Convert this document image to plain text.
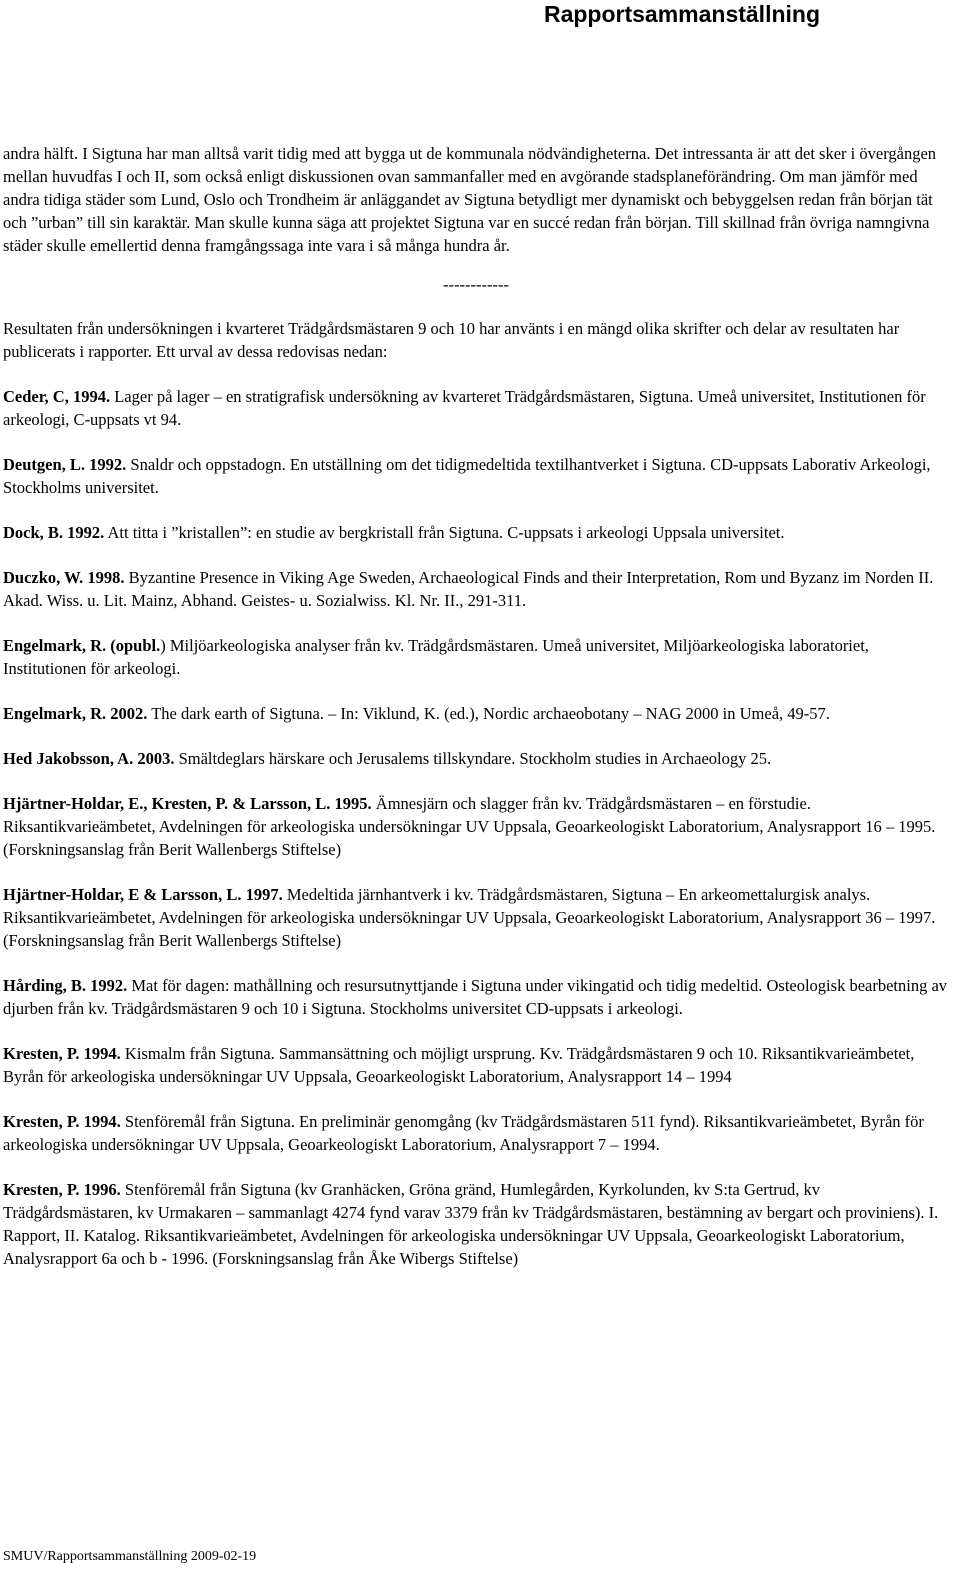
Rapportsammanställning

andra hälft. I Sigtuna har man alltså varit tidig med att bygga ut de kommunala nödvändigheterna. Det intressanta är att det sker i övergången mellan huvudfas I och II, som också enligt diskussionen ovan sammanfaller med en avgörande stadsplaneförändring. Om man jämför med andra tidiga städer som Lund, Oslo och Trondheim är anläggandet av Sigtuna betydligt mer dynamiskt och bebyggelsen redan från början tät och ”urban” till sin karaktär. Man skulle kunna säga att projektet Sigtuna var en succé redan från början. Till skillnad från övriga namngivna städer skulle emellertid denna framgångssaga inte vara i så många hundra år.

------------

Resultaten från undersökningen i kvarteret Trädgårdsmästaren 9 och 10 har använts i en mängd olika skrifter och delar av resultaten har publicerats i rapporter. Ett urval av dessa redovisas nedan:

Ceder, C, 1994. Lager på lager – en stratigrafisk undersökning av kvarteret Trädgårdsmästaren, Sigtuna. Umeå universitet, Institutionen för arkeologi, C-uppsats vt 94.

Deutgen, L. 1992. Snaldr och oppstadogn. En utställning om det tidigmedeltida textilhantverket i Sigtuna. CD-uppsats Laborativ Arkeologi, Stockholms universitet.

Dock, B. 1992. Att titta i ”kristallen”: en studie av bergkristall från Sigtuna. C-uppsats i arkeologi Uppsala universitet.

Duczko, W. 1998. Byzantine Presence in Viking Age Sweden, Archaeological Finds and their Interpretation, Rom und Byzanz im Norden II. Akad. Wiss. u. Lit. Mainz, Abhand. Geistes- u. Sozialwiss. Kl. Nr. II., 291-311.

Engelmark, R. (opubl.) Miljöarkeologiska analyser från kv. Trädgårdsmästaren. Umeå universitet, Miljöarkeologiska laboratoriet, Institutionen för arkeologi.

Engelmark, R. 2002. The dark earth of Sigtuna. – In: Viklund, K. (ed.), Nordic archaeobotany – NAG 2000 in Umeå, 49-57.

Hed Jakobsson, A. 2003. Smältdeglars härskare och Jerusalems tillskyndare. Stockholm studies in Archaeology 25.

Hjärtner-Holdar, E., Kresten, P. & Larsson, L. 1995. Ämnesjärn och slagger från kv. Trädgårdsmästaren – en förstudie. Riksantikvarieämbetet, Avdelningen för arkeologiska undersökningar UV Uppsala, Geoarkeologiskt Laboratorium, Analysrapport 16 – 1995. (Forskningsanslag från Berit Wallenbergs Stiftelse)

Hjärtner-Holdar, E & Larsson, L. 1997. Medeltida järnhantverk i kv. Trädgårdsmästaren, Sigtuna – En arkeomettalurgisk analys. Riksantikvarieämbetet, Avdelningen för arkeologiska undersökningar UV Uppsala, Geoarkeologiskt Laboratorium, Analysrapport 36 – 1997. (Forskningsanslag från Berit Wallenbergs Stiftelse)

Hårding, B. 1992. Mat för dagen: mathållning och resursutnyttjande i Sigtuna under vikingatid och tidig medeltid. Osteologisk bearbetning av djurben från kv. Trädgårdsmästaren 9 och 10 i Sigtuna. Stockholms universitet CD-uppsats i arkeologi.

Kresten, P. 1994. Kismalm från Sigtuna. Sammansättning och möjligt ursprung. Kv. Trädgårdsmästaren 9 och 10. Riksantikvarieämbetet, Byrån för arkeologiska undersökningar UV Uppsala, Geoarkeologiskt Laboratorium, Analysrapport 14 – 1994

Kresten, P. 1994. Stenföremål från Sigtuna. En preliminär genomgång (kv Trädgårdsmästaren 511 fynd). Riksantikvarieämbetet, Byrån för arkeologiska undersökningar UV Uppsala, Geoarkeologiskt Laboratorium, Analysrapport 7 – 1994.

Kresten, P. 1996. Stenföremål från Sigtuna (kv Granhäcken, Gröna gränd, Humlegården, Kyrkolunden, kv S:ta Gertrud, kv Trädgårdsmästaren, kv Urmakaren – sammanlagt 4274 fynd varav 3379 från kv Trädgårdsmästaren, bestämning av bergart och proviniens). I. Rapport, II. Katalog. Riksantikvarieämbetet, Avdelningen för arkeologiska undersökningar UV Uppsala, Geoarkeologiskt Laboratorium, Analysrapport 6a och b - 1996. (Forskningsanslag från Åke Wibergs Stiftelse)

SMUV/Rapportsammanställning 2009-02-19
